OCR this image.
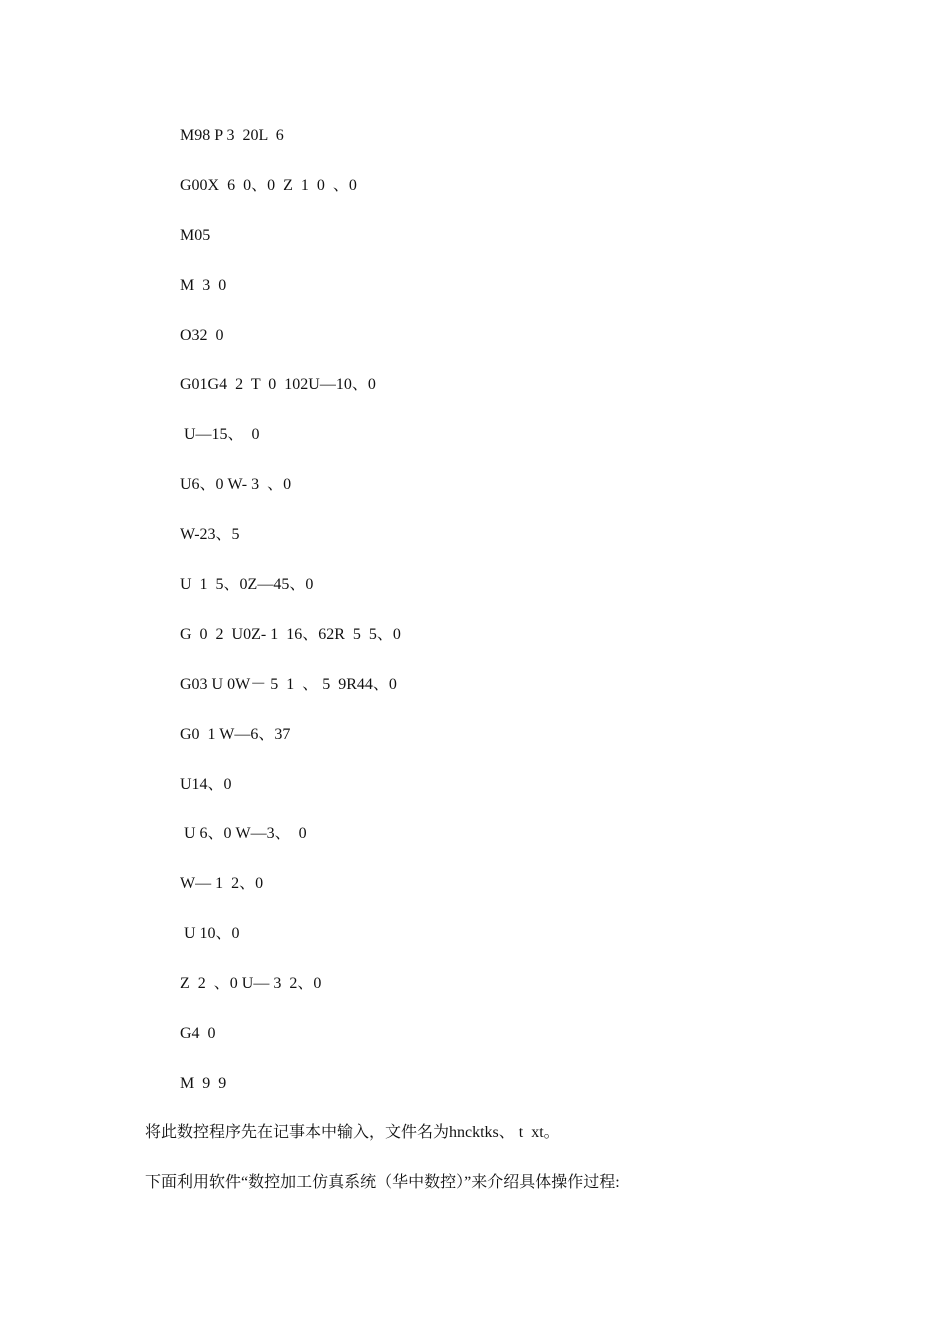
M98 P 3  20L  6
G00X  6  0、0  Z  1  0  、0
M05
M  3  0
O32  0
G01G4  2  T  0  102U—10、0
U—15、  0
U6、0 W- 3  、0
W-23、5
U  1  5、0Z—45、0
G  0  2  U0Z- 1  16、62R  5  5、0
G03 U 0W－ 5  1  、 5  9R44、0
G0  1 W—6、37
U14、0
U 6、0 W—3、  0
W— 1  2、0
U 10、0
Z  2  、0 U— 3  2、0
G4  0
M  9  9

将此数控程序先在记事本中输入，文件名为hncktks、 t  xt。

下面利用软件“数控加工仿真系统（华中数控）”来介绍具体操作过程:
